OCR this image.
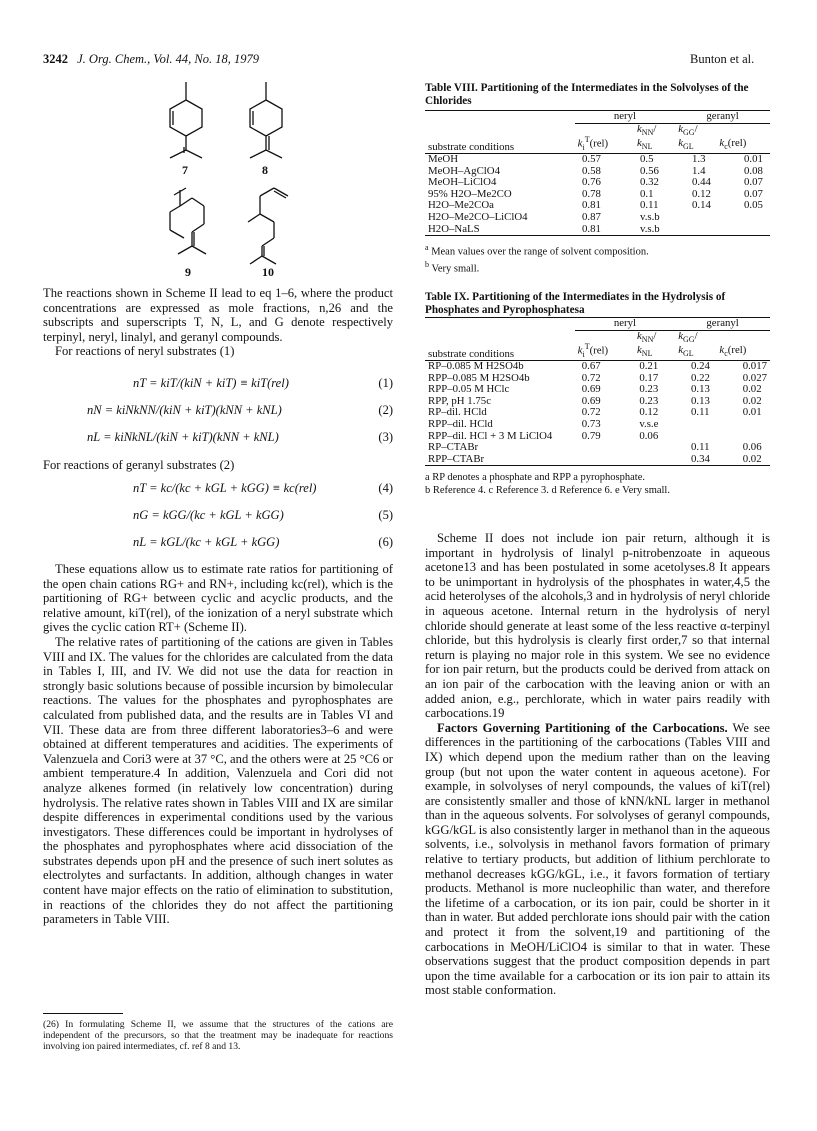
3242 J. Org. Chem., Vol. 44, No. 18, 1979	Bunton et al.
7	8
9	10

The reactions shown in Scheme II lead to eq 1–6, where the product concentrations are expressed as mole fractions, n,26 and the subscripts and superscripts T, N, L, and G denote respectively terpinyl, neryl, linalyl, and geranyl compounds.

For reactions of neryl substrates (1)

nT = kiT/(kiN + kiT) ≡ kiT(rel)	(1)
nN = kiNkNN/(kiN + kiT)(kNN + kNL)	(2)
nL = kiNkNL/(kiN + kiT)(kNN + kNL)	(3)

For reactions of geranyl substrates (2)

nT = kc/(kc + kGL + kGG) ≡ kc(rel)	(4)
nG = kGG/(kc + kGL + kGG)	(5)
nL = kGL/(kc + kGL + kGG)	(6)

These equations allow us to estimate rate ratios for partitioning of the open chain cations RG+ and RN+, including kc(rel), which is the partitioning of RG+ between cyclic and acyclic products, and the relative amount, kiT(rel), of the ionization of a neryl substrate which gives the cyclic cation RT+ (Scheme II).

The relative rates of partitioning of the cations are given in Tables VIII and IX. The values for the chlorides are calculated from the data in Tables I, III, and IV. We did not use the data for reaction in strongly basic solutions because of possible incursion by bimolecular reactions. The values for the phosphates and pyrophosphates are calculated from published data, and the results are in Tables VI and VII. These data are from three different laboratories3–6 and were obtained at different temperatures and acidities. The experiments of Valenzuela and Cori3 were at 37 °C, and the others were at 25 °C6 or ambient temperature.4 In addition, Valenzuela and Cori did not analyze alkenes formed (in relatively low concentration) during hydrolysis. The relative rates shown in Tables VIII and IX are similar despite differences in experimental conditions used by the various investigators. These differences could be important in hydrolyses of the phosphates and pyrophosphates where acid dissociation of the substrates depends upon pH and the presence of such inert solutes as electrolytes and surfactants. In addition, although changes in water content have major effects on the ratio of elimination to substitution, in reactions of the chlorides they do not affect the partitioning parameters in Table VIII.

(26) In formulating Scheme II, we assume that the structures of the cations are independent of the precursors, so that the treatment may be inadequate for reactions involving ion paired intermediates, cf. ref 8 and 13.
Table VIII. Partitioning of the Intermediates in the Solvolyses of the Chlorides
	neryl		geranyl	
substrate conditions	$k_i^T(rel)$	$k_{NN}/$
$k_{NL}$	$k_{GG}/$
$k_{GL}$	$k_c(rel)$
MeOH	0.57	0.5	1.3	0.01
MeOH–AgClO4	0.58	0.56	1.4	0.08
MeOH–LiClO4	0.76	0.32	0.44	0.07
95% H2O–Me2CO	0.78	0.1	0.12	0.07
H2O–Me2COa	0.81	0.11	0.14	0.05
H2O–Me2CO–LiClO4	0.87	v.s.b		
H2O–NaLS	0.81	v.s.b		
$^a$ Mean values over the range of solvent composition.
$^b$ Very small.
Table IX. Partitioning of the Intermediates in the Hydrolysis of Phosphates and Pyrophosphatesa
	neryl		geranyl	
substrate conditions	$k_i^T(rel)$	$k_{NN}/$
$k_{NL}$	$k_{GG}/$
$k_{GL}$	$k_c(rel)$
RP–0.085 M H2SO4b	0.67	0.21	0.24	0.017
RPP–0.085 M H2SO4b	0.72	0.17	0.22	0.027
RPP–0.05 M HClc	0.69	0.23	0.13	0.02
RPP, pH 1.75c	0.69	0.23	0.13	0.02
RP–dil. HCld	0.72	0.12	0.11	0.01
RPP–dil. HCld	0.73	v.s.e		
RPP–dil. HCl + 3 M LiClO4	0.79	0.06		
RP–CTABr			0.11	0.06
RPP–CTABr			0.34	0.02
a RP denotes a phosphate and RPP a pyrophosphate.
b Reference 4. c Reference 3. d Reference 6. e Very small.

Scheme II does not include ion pair return, although it is important in hydrolysis of linalyl p-nitrobenzoate in aqueous acetone13 and has been postulated in some acetolyses.8 It appears to be unimportant in hydrolysis of the phosphates in water,4,5 the acid heterolyses of the alcohols,3 and in hydrolysis of neryl chloride in aqueous acetone. Internal return in the hydrolysis of neryl chloride should generate at least some of the less reactive α-terpinyl chloride, but this hydrolysis is clearly first order,7 so that internal return is playing no major role in this system. We see no evidence for ion pair return, but the products could be derived from attack on an ion pair of the carbocation with the leaving anion or with an added anion, e.g., perchlorate, which in water pairs readily with carbocations.19

Factors Governing Partitioning of the Carbocations. We see differences in the partitioning of the carbocations (Tables VIII and IX) which depend upon the medium rather than on the leaving group (but not upon the water content in aqueous acetone). For example, in solvolyses of neryl compounds, the values of kiT(rel) are consistently smaller and those of kNN/kNL larger in methanol than in the aqueous solvents. For solvolyses of geranyl compounds, kGG/kGL is also consistently larger in methanol than in the aqueous solvents, i.e., solvolysis in methanol favors formation of primary relative to tertiary products, but addition of lithium perchlorate to methanol decreases kGG/kGL, i.e., it favors formation of tertiary products. Methanol is more nucleophilic than water, and therefore the lifetime of a carbocation, or its ion pair, could be shorter in it than in water. But added perchlorate ions should pair with the cation and protect it from the solvent,19 and partitioning of the carbocations in MeOH/LiClO4 is similar to that in water. These observations suggest that the product composition depends in part upon the time available for a carbocation or its ion pair to attain its most stable conformation.
